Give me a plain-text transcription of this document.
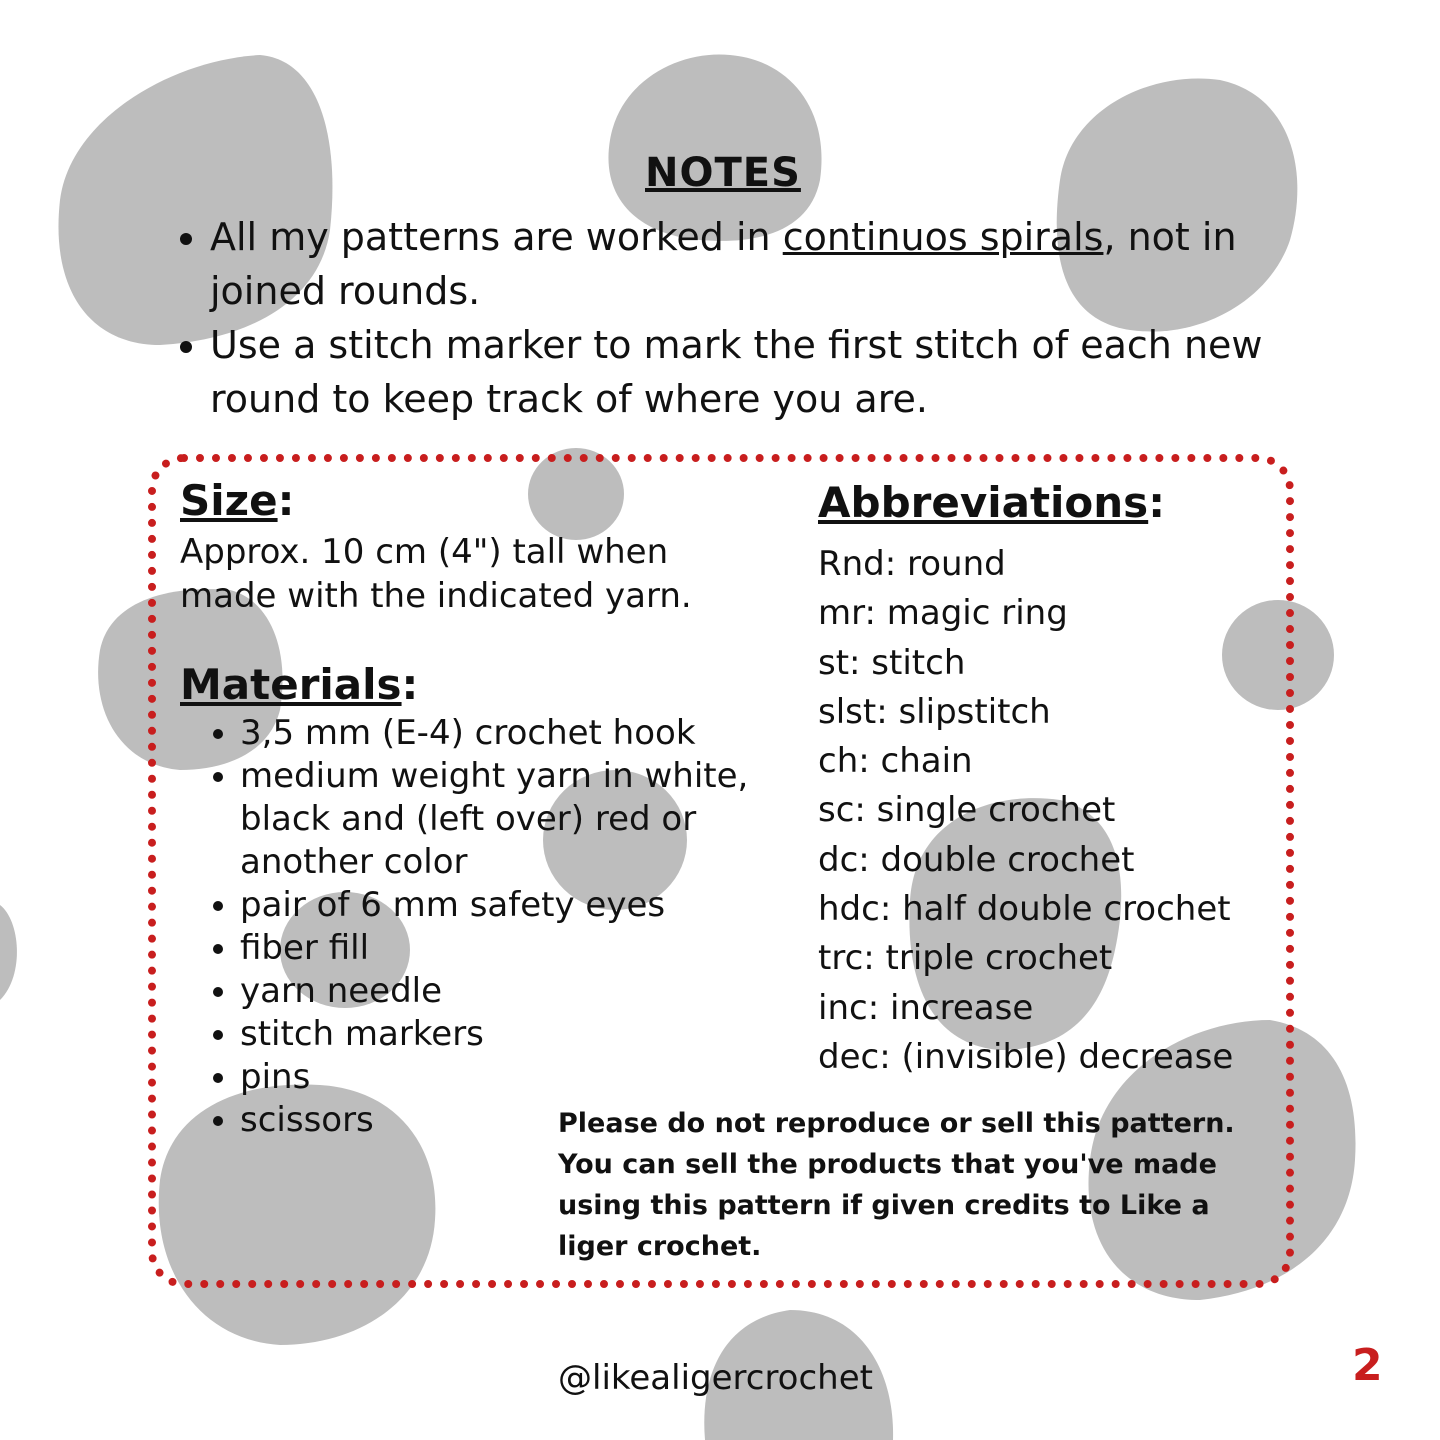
NOTES
• All my patterns are worked in continuos spirals, not in joined rounds.
• Use a stitch marker to mark the first stitch of each new round to keep track of where you are.
Size:

Approx. 10 cm (4") tall when made with the indicated yarn.

Materials:
• 3,5 mm (E-4) crochet hook
• medium weight yarn in white, black and (left over) red or another color
• pair of 6 mm safety eyes
• fiber fill
• yarn needle
• stitch markers
• pins
• scissors
Abbreviations:
Rnd: round
mr: magic ring
st: stitch
slst: slipstitch
ch: chain
sc: single crochet
dc: double crochet
hdc: half double crochet
trc: triple crochet
inc: increase
dec: (invisible) decrease

Please do not reproduce or sell this pattern. You can sell the products that you've made using this pattern if given credits to Like a liger crochet.

@likealigercrochet	2
